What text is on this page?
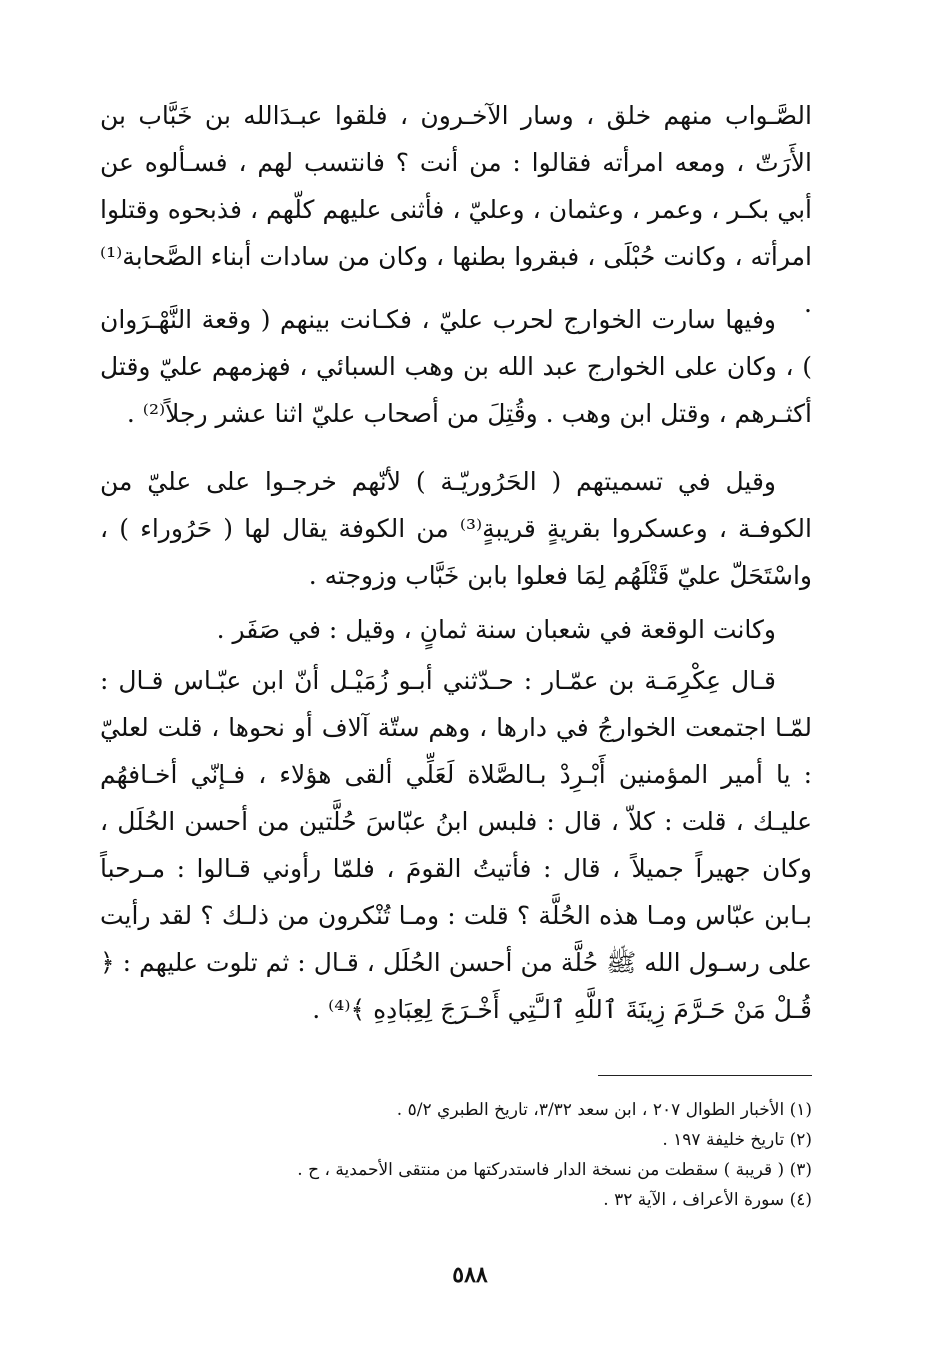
الصَّـواب منهم خلق ، وسار الآخـرون ، فلقوا عبـدَالله بن خَبَّاب بن الأَرَتّ ، ومعه امرأته فقالوا : من أنت ؟ فانتسب لهم ، فسـألوه عن أبي بكـر ، وعمر ، وعثمان ، وعليّ ، فأثنى عليهم كلّهم ، فذبحوه وقتلوا امرأته ، وكانت حُبْلَى ، فبقروا بطنها ، وكان من سادات أبناء الصَّحابة⁽¹⁾ .

وفيها سارت الخوارج لحرب عليّ ، فكـانت بينهم ( وقعة النَّهْـرَوان ) ، وكان على الخوارج عبد الله بن وهب السبائي ، فهزمهم عليّ وقتل أكثـرهم ، وقتل ابن وهب . وقُتِلَ من أصحاب عليّ اثنا عشر رجلاً⁽²⁾ .

وقيل في تسميتهم ( الحَرُوريّـة ) لأنّهم خرجـوا على عليّ من الكوفـة ، وعسكروا بقريةٍ قريبةٍ⁽³⁾ من الكوفة يقال لها ( حَرُوراء ) ، واسْتَحَلّ عليّ قَتْلَهُم لِمَا فعلوا بابن خَبَّاب وزوجته .

وكانت الوقعة في شعبان سنة ثمانٍ ، وقيل : في صَفَر .

قـال عِكْرِمَـة بن عمّـار : حـدّثني أبـو زُمَيْـل أنّ ابن عبّـاس قـال : لمّـا اجتمعت الخوارجُ في دارها ، وهم ستّة آلاف أو نحوها ، قلت لعليّ : يا أمير المؤمنين أَبْـرِدْ بـالصَّلاة لَعَلِّي ألقى هؤلاء ، فـإنّي أخـافهُم عليـك ، قلت : كلاّ ، قال : فلبس ابنُ عبّاسَ حُلَّتين من أحسن الحُلَل ، وكان جهيراً جميلاً ، قال : فأتيتُ القومَ ، فلمّا رأوني قـالوا : مـرحباً بـابن عبّاس ومـا هذه الحُلَّة ؟ قلت : ومـا تُنْكرون من ذلـك ؟ لقد رأيت على رسـول الله ﷺ حُلَّة من أحسن الحُلَل ، قـال : ثم تلوت عليهم : ﴿ قُـلْ مَنْ حَـرَّمَ زِينَةَ ٱللَّهِ ٱلـَّتِي أَخْـرَجَ لِعِبَادِهِ ﴾⁽⁴⁾ .

(١) الأخبار الطوال ٢٠٧ ، ابن سعد ٣/٣٢، تاريخ الطبري ٥/٢ .

(٢) تاريخ خليفة ١٩٧ .

(٣) ( قريبة ) سقطت من نسخة الدار فاستدركتها من منتقى الأحمدية ، ح .

(٤) سورة الأعراف ، الآية ٣٢ .

٥٨٨
